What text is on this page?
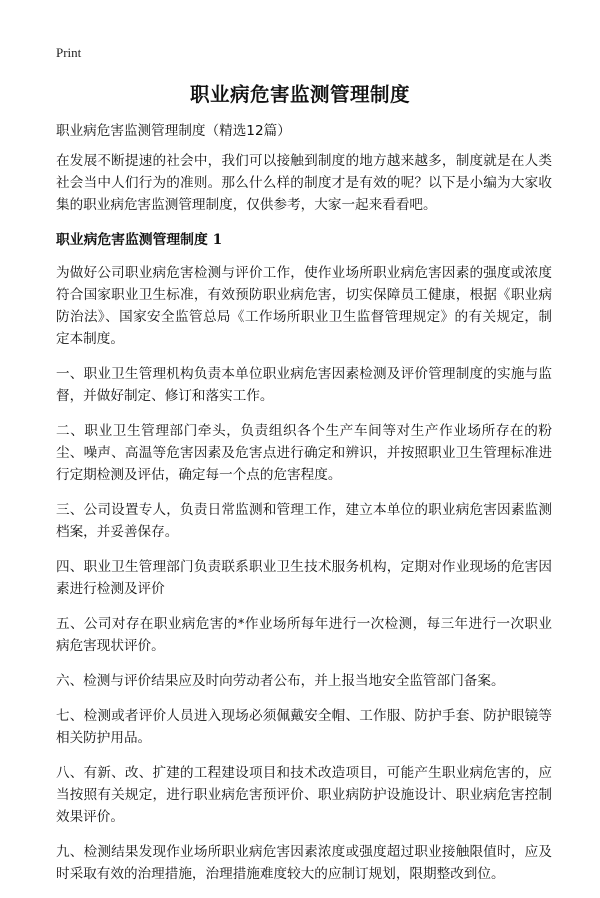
Print
职业病危害监测管理制度

职业病危害监测管理制度（精选12篇）

在发展不断提速的社会中，我们可以接触到制度的地方越来越多，制度就是在人类社会当中人们行为的准则。那么什么样的制度才是有效的呢？以下是小编为大家收集的职业病危害监测管理制度，仅供参考，大家一起来看看吧。

职业病危害监测管理制度 1

为做好公司职业病危害检测与评价工作，使作业场所职业病危害因素的强度或浓度符合国家职业卫生标准，有效预防职业病危害，切实保障员工健康，根据《职业病防治法》、国家安全监管总局《工作场所职业卫生监督管理规定》的有关规定，制定本制度。

一、职业卫生管理机构负责本单位职业病危害因素检测及评价管理制度的实施与监督，并做好制定、修订和落实工作。

二、职业卫生管理部门牵头，负责组织各个生产车间等对生产作业场所存在的粉尘、噪声、高温等危害因素及危害点进行确定和辨识，并按照职业卫生管理标准进行定期检测及评估，确定每一个点的危害程度。

三、公司设置专人，负责日常监测和管理工作，建立本单位的职业病危害因素监测档案，并妥善保存。

四、职业卫生管理部门负责联系职业卫生技术服务机构，定期对作业现场的危害因素进行检测及评价

五、公司对存在职业病危害的*作业场所每年进行一次检测，每三年进行一次职业病危害现状评价。

六、检测与评价结果应及时向劳动者公布，并上报当地安全监管部门备案。

七、检测或者评价人员进入现场必须佩戴安全帽、工作服、防护手套、防护眼镜等相关防护用品。

八、有新、改、扩建的工程建设项目和技术改造项目，可能产生职业病危害的，应当按照有关规定，进行职业病危害预评价、职业病防护设施设计、职业病危害控制效果评价。

九、检测结果发现作业场所职业病危害因素浓度或强度超过职业接触限值时，应及时采取有效的治理措施，治理措施难度较大的应制订规划，限期整改到位。
